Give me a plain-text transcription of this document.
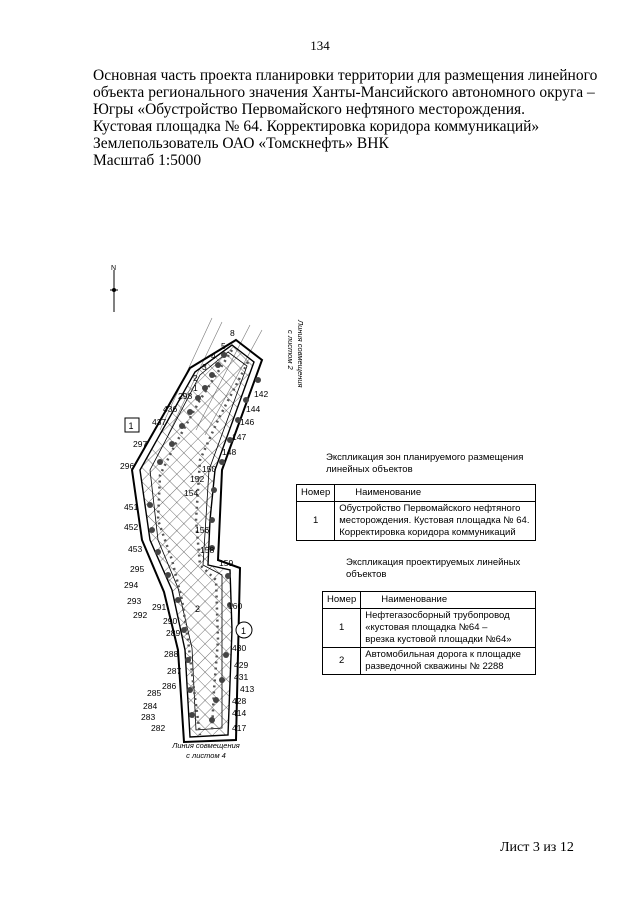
134
Основная часть проекта планировки территории для размещения линейного
объекта регионального значения Ханты-Мансийского автономного округа –
Югры «Обустройство Первомайского нефтяного месторождения.
Кустовая площадка № 64. Корректировка коридора коммуникаций»
Землепользователь ОАО «Томскнефть» ВНК
Масштаб 1:5000
N
Линия совмещения
с листом 2
Линия совмещения
с листом 4
1
1
2
8
5
4
3
2
1
298
436
437
297
296
451
452
453
295
294
293
292
291
290
289
288
287
286
285
284
283
282
142
144
146
147
148
150
152
154
156
158
159
160
430
429
431
413
428
414
417
Экспликация зон планируемого размещения
линейных объектов
Номер	Наименование
1	Обустройство Первомайского нефтяного
месторождения. Кустовая площадка № 64.
Корректировка коридора коммуникаций
Экспликация проектируемых линейных
объектов
Номер	Наименование
1	Нефтегазосборный трубопровод
«кустовая площадка №64 –
врезка кустовой площадки №64»

2	Автомобильная дорога к площадке
разведочной скважины № 2288
Лист 3 из 12
